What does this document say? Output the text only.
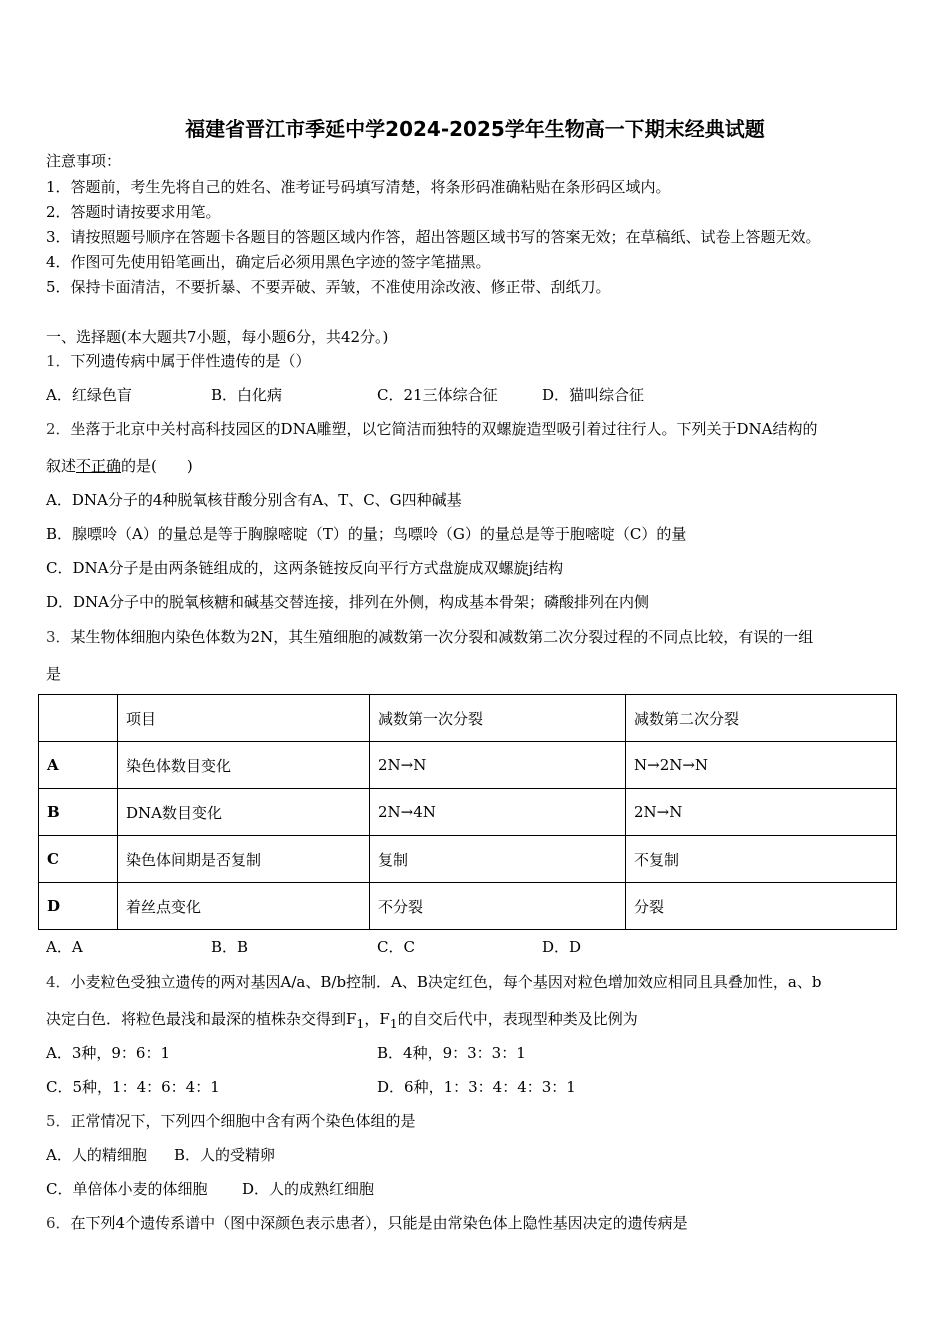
福建省晋江市季延中学2024-2025学年生物高一下期末经典试题
注意事项：
1．答题前，考生先将自己的姓名、准考证号码填写清楚，将条形码准确粘贴在条形码区域内。
2．答题时请按要求用笔。
3．请按照题号顺序在答题卡各题目的答题区域内作答，超出答题区域书写的答案无效；在草稿纸、试卷上答题无效。
4．作图可先使用铅笔画出，确定后必须用黑色字迹的签字笔描黑。
5．保持卡面清洁，不要折暴、不要弄破、弄皱，不准使用涂改液、修正带、刮纸刀。
一、选择题(本大题共7小题，每小题6分，共42分。)
1．下列遗传病中属于伴性遗传的是（）
A．红绿色盲	B．白化病	C．21三体综合征	D．猫叫综合征
2．坐落于北京中关村高科技园区的DNA雕塑，以它简洁而独特的双螺旋造型吸引着过往行人。下列关于DNA结构的
叙述不正确的是(　　)
A．DNA分子的4种脱氧核苷酸分别含有A、T、C、G四种碱基
B．腺嘌呤（A）的量总是等于胸腺嘧啶（T）的量；鸟嘌呤（G）的量总是等于胞嘧啶（C）的量
C．DNA分子是由两条链组成的，这两条链按反向平行方式盘旋成双螺旋j结构
D．DNA分子中的脱氧核糖和碱基交替连接，排列在外侧，构成基本骨架；磷酸排列在内侧
3．某生物体细胞内染色体数为2N，其生殖细胞的减数第一次分裂和减数第二次分裂过程的不同点比较，有误的一组
是
	项目	减数第一次分裂	减数第二次分裂
A	染色体数目变化	2N→N	N→2N→N
B	DNA数目变化	2N→4N	2N→N
C	染色体间期是否复制	复制	不复制
D	着丝点变化	不分裂	分裂
A．A	B．B	C．C	D．D
4．小麦粒色受独立遗传的两对基因A/a、B/b控制．A、B决定红色，每个基因对粒色增加效应相同且具叠加性，a、b
决定白色．将粒色最浅和最深的植株杂交得到$F_1$，$F_1$的自交后代中，表现型种类及比例为
A．3种，9：6：1	B．4种，9：3：3：1
C．5种，1：4：6：4：1	D．6种，1：3：4：4：3：1
5．正常情况下，下列四个细胞中含有两个染色体组的是
A．人的精细胞 B．人的受精卵
C．单倍体小麦的体细胞 D．人的成熟红细胞
6．在下列4个遗传系谱中（图中深颜色表示患者），只能是由常染色体上隐性基因决定的遗传病是
